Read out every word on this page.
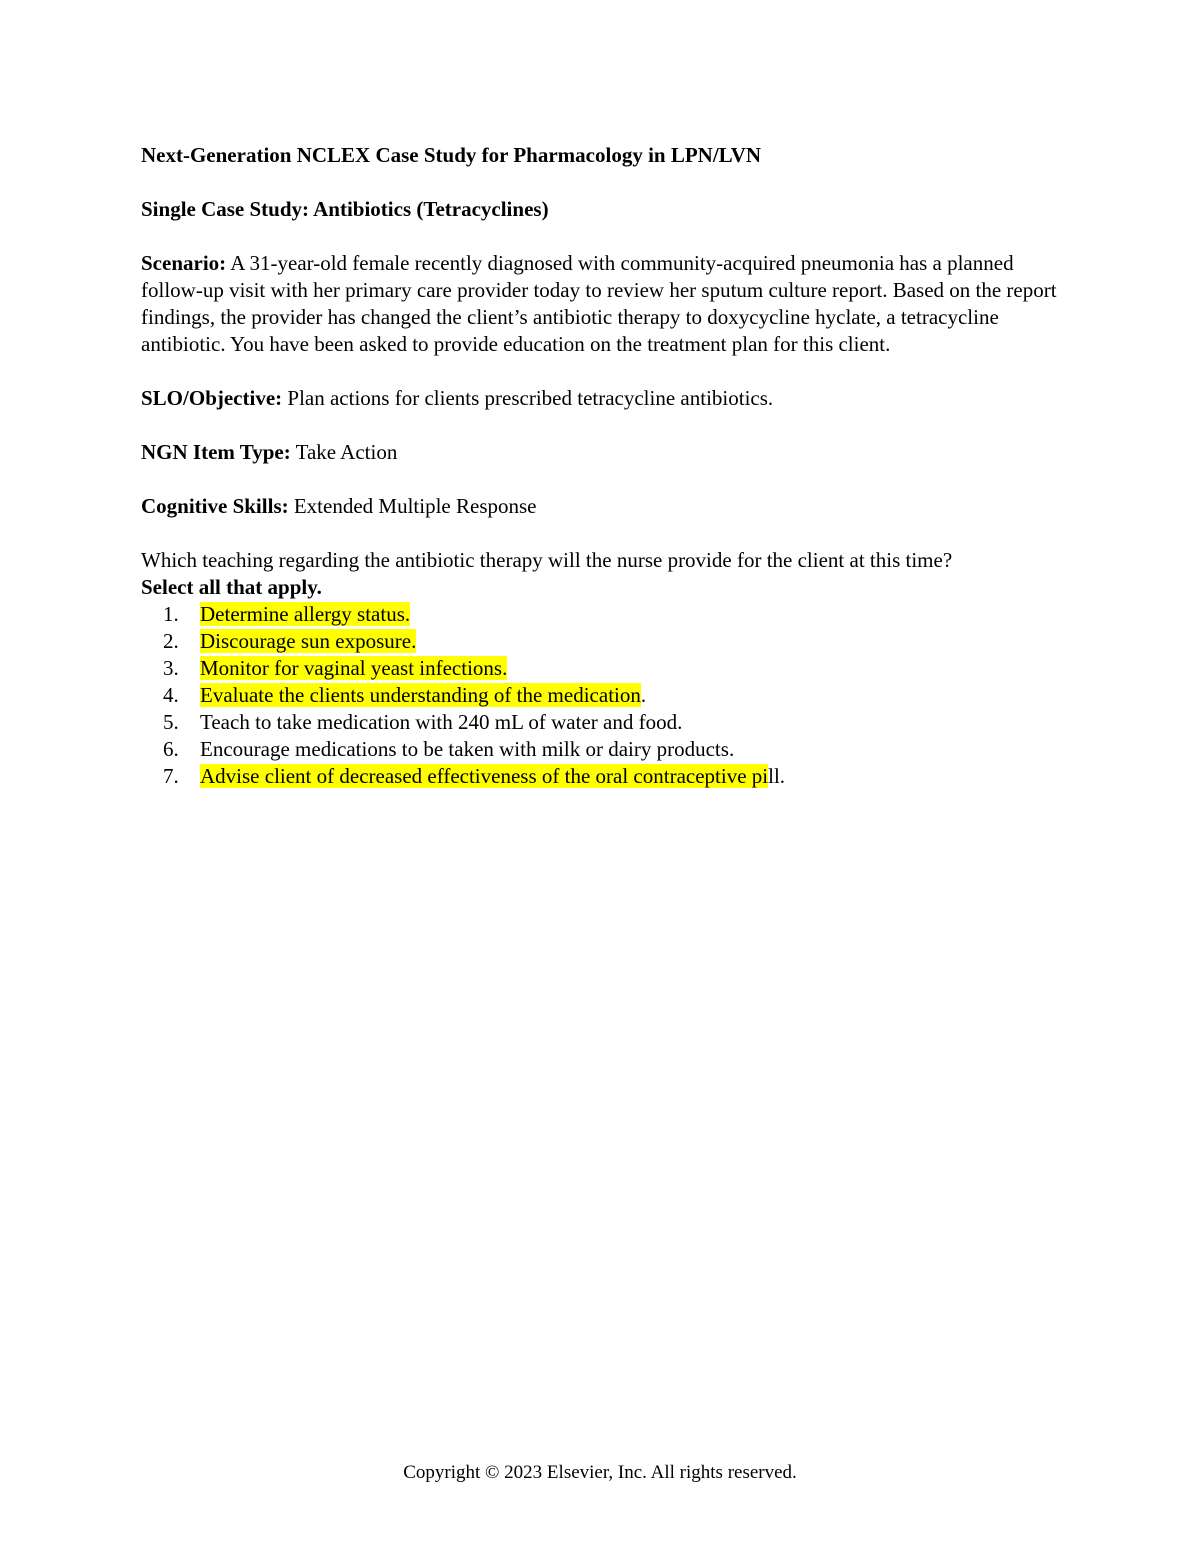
Next-Generation NCLEX Case Study for Pharmacology in LPN/LVN

Single Case Study: Antibiotics (Tetracyclines)

Scenario: A 31-year-old female recently diagnosed with community-acquired pneumonia has a planned follow-up visit with her primary care provider today to review her sputum culture report. Based on the report findings, the provider has changed the client’s antibiotic therapy to doxycycline hyclate, a tetracycline antibiotic. You have been asked to provide education on the treatment plan for this client.

SLO/Objective: Plan actions for clients prescribed tetracycline antibiotics.

NGN Item Type: Take Action

Cognitive Skills: Extended Multiple Response

Which teaching regarding the antibiotic therapy will the nurse provide for the client at this time?

Select all that apply.

1. Determine allergy status.
2. Discourage sun exposure.
3. Monitor for vaginal yeast infections.
4. Evaluate the clients understanding of the medication.
5. Teach to take medication with 240 mL of water and food.
6. Encourage medications to be taken with milk or dairy products.
7. Advise client of decreased effectiveness of the oral contraceptive pill.
Copyright © 2023 Elsevier, Inc. All rights reserved.
